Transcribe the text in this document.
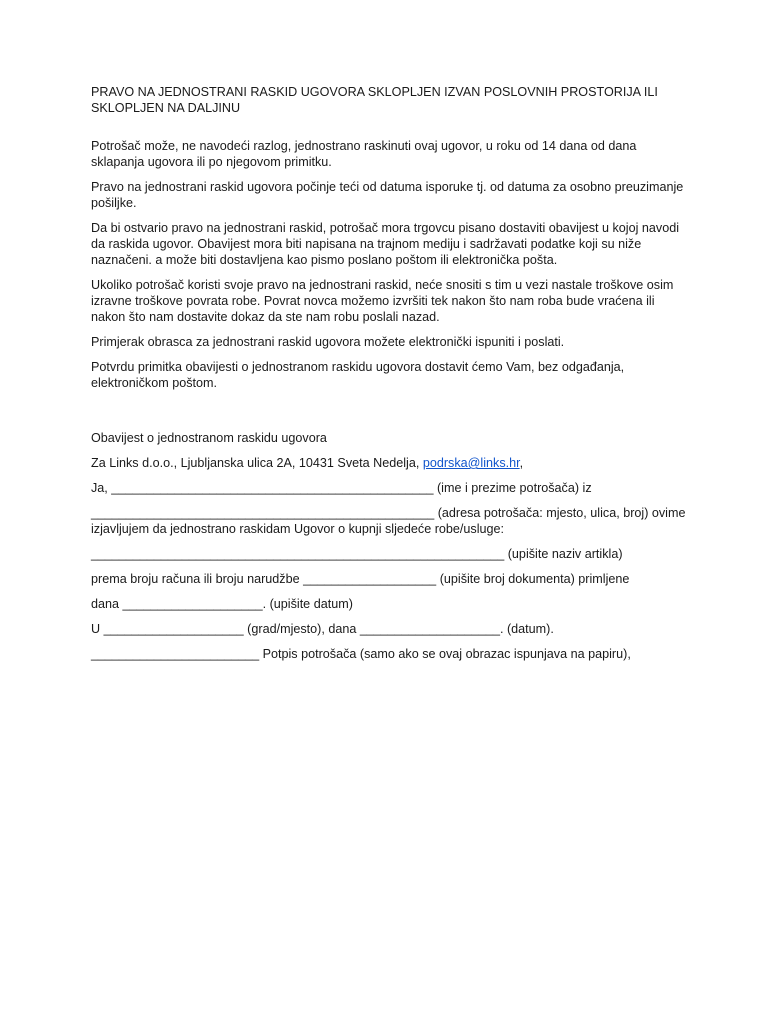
PRAVO NA JEDNOSTRANI RASKID UGOVORA SKLOPLJEN IZVAN POSLOVNIH PROSTORIJA ILI SKLOPLJEN NA DALJINU

Potrošač može, ne navodeći razlog, jednostrano raskinuti ovaj ugovor, u roku od 14 dana od dana sklapanja ugovora ili po njegovom primitku.

Pravo na jednostrani raskid ugovora počinje teći od datuma isporuke tj. od datuma za osobno preuzimanje pošiljke.

Da bi ostvario pravo na jednostrani raskid, potrošač mora trgovcu pisano dostaviti obavijest u kojoj navodi da raskida ugovor. Obavijest mora biti napisana na trajnom mediju i sadržavati podatke koji su niže naznačeni. a može biti dostavljena kao pismo poslano poštom ili elektronička pošta.

Ukoliko potrošač koristi svoje pravo na jednostrani raskid, neće snositi s tim u vezi nastale troškove osim izravne troškove povrata robe. Povrat novca možemo izvršiti tek nakon što nam roba bude vraćena ili nakon što nam dostavite dokaz da ste nam robu poslali nazad.

Primjerak obrasca za jednostrani raskid ugovora možete elektronički ispuniti i poslati.

Potvrdu primitka obavijesti o jednostranom raskidu ugovora dostavit ćemo Vam, bez odgađanja, elektroničkom poštom.

Obavijest o jednostranom raskidu ugovora

Za Links d.o.o., Ljubljanska ulica 2A, 10431 Sveta Nedelja, podrska@links.hr,

Ja, ______________________________________________ (ime i prezime potrošača) iz

_________________________________________________ (adresa potrošača: mjesto, ulica, broj) ovime izjavljujem da jednostrano raskidam Ugovor o kupnji sljedeće robe/usluge:

___________________________________________________________ (upišite naziv artikla)

prema broju računa ili broju narudžbe ___________________ (upišite broj dokumenta) primljene

dana ____________________. (upišite datum)

U ____________________ (grad/mjesto), dana ____________________. (datum).

________________________ Potpis potrošača (samo ako se ovaj obrazac ispunjava na papiru),
